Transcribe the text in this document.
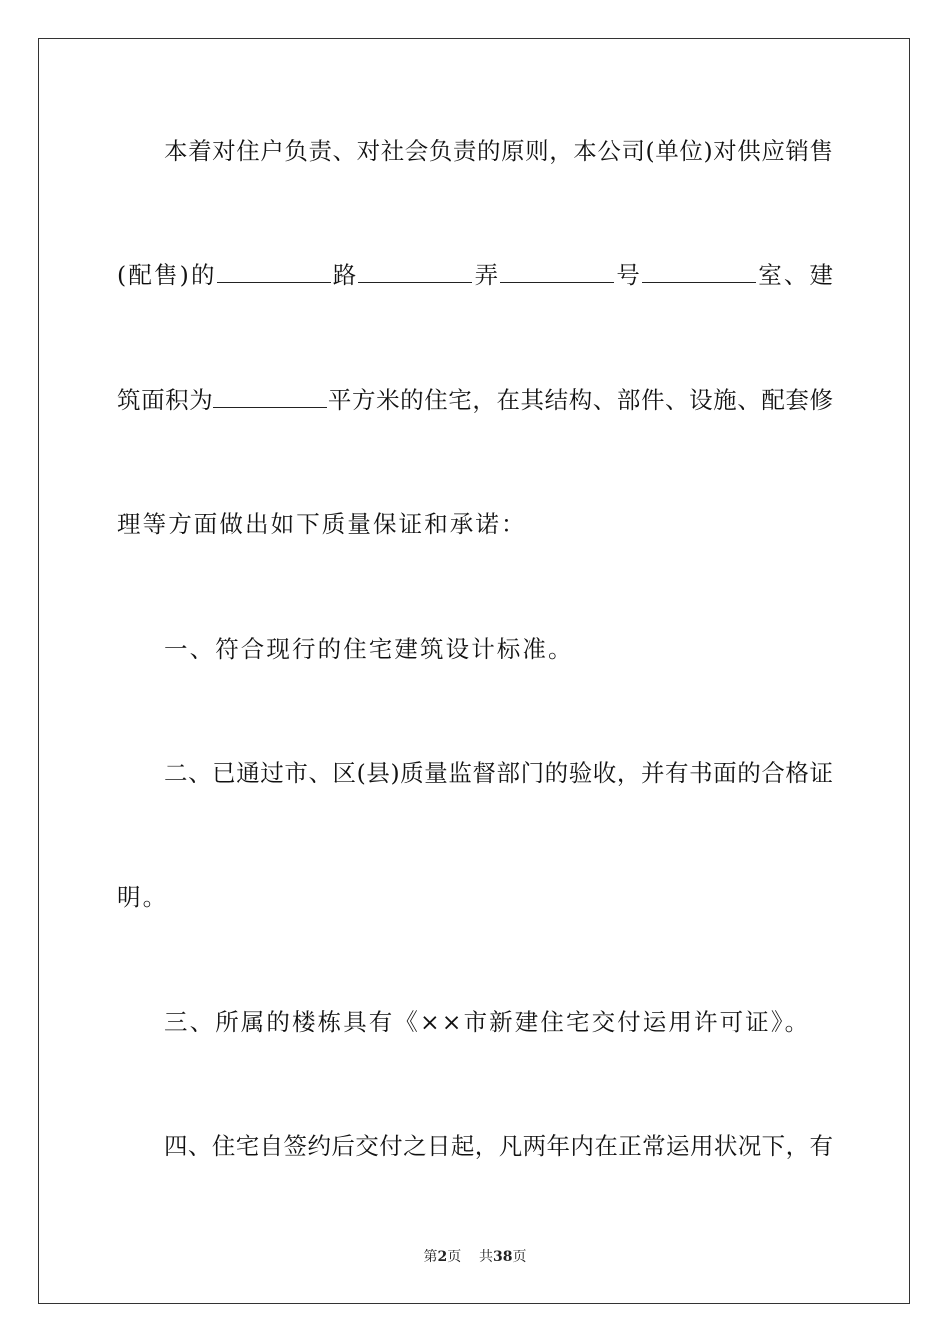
本着对住户负责、对社会负责的原则，本公司(单位)对供应销售
(配售)的	路	弄	号	室、建
筑面积为	平方米的住宅，在其结构、部件、设施、配套修
理等方面做出如下质量保证和承诺：
一、符合现行的住宅建筑设计标准。
二、已通过市、区(县)质量监督部门的验收，并有书面的合格证
明。
三、所属的楼栋具有《××市新建住宅交付运用许可证》。
四、住宅自签约后交付之日起，凡两年内在正常运用状况下，有
第2页 共38页
